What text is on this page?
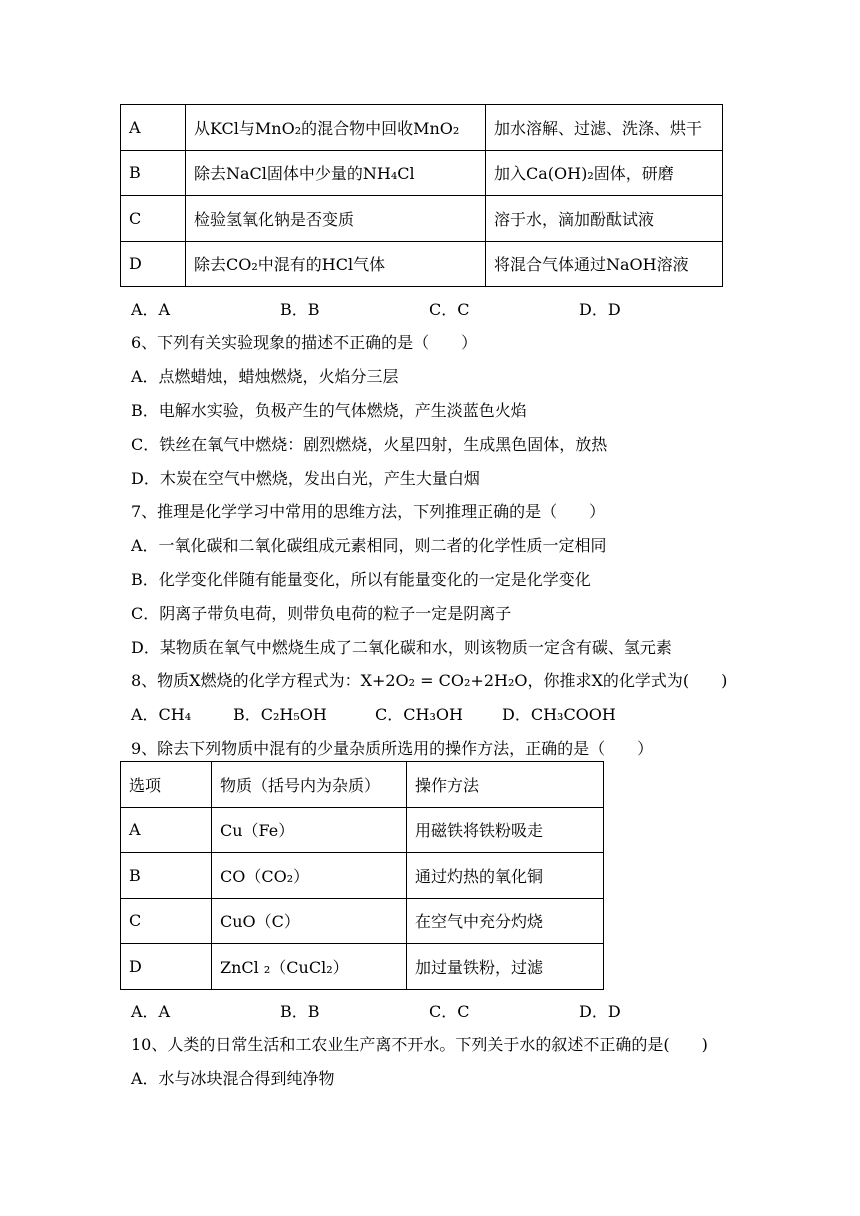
A	从KCl与MnO₂的混合物中回收MnO₂	加水溶解、过滤、洗涤、烘干
B	除去NaCl固体中少量的NH₄Cl	加入Ca(OH)₂固体，研磨
C	检验氢氧化钠是否变质	溶于水，滴加酚酞试液
D	除去CO₂中混有的HCl气体	将混合气体通过NaOH溶液
A．A	B．B	C．C	D．D
6、下列有关实验现象的描述不正确的是（　　）
A．点燃蜡烛，蜡烛燃烧，火焰分三层
B．电解水实验，负极产生的气体燃烧，产生淡蓝色火焰
C．铁丝在氧气中燃烧：剧烈燃烧，火星四射，生成黑色固体，放热
D．木炭在空气中燃烧，发出白光，产生大量白烟
7、推理是化学学习中常用的思维方法，下列推理正确的是（　　）
A．一氧化碳和二氧化碳组成元素相同，则二者的化学性质一定相同
B．化学变化伴随有能量变化，所以有能量变化的一定是化学变化
C．阴离子带负电荷，则带负电荷的粒子一定是阴离子
D．某物质在氧气中燃烧生成了二氧化碳和水，则该物质一定含有碳、氢元素
8、物质X燃烧的化学方程式为：X+2O₂ = CO₂+2H₂O，你推求X的化学式为(　　)
A．CH₄	B．C₂H₅OH	C．CH₃OH D．CH₃COOH
9、除去下列物质中混有的少量杂质所选用的操作方法，正确的是（　　）
选项	物质（括号内为杂质）	操作方法
A	Cu（Fe）	用磁铁将铁粉吸走
B	CO（CO₂）	通过灼热的氧化铜
C	CuO（C）	在空气中充分灼烧
D	ZnCl ₂（CuCl₂）	加过量铁粉，过滤
A．A	B．B	C．C	D．D
10、人类的日常生活和工农业生产离不开水。下列关于水的叙述不正确的是(　　)
A．水与冰块混合得到纯净物
